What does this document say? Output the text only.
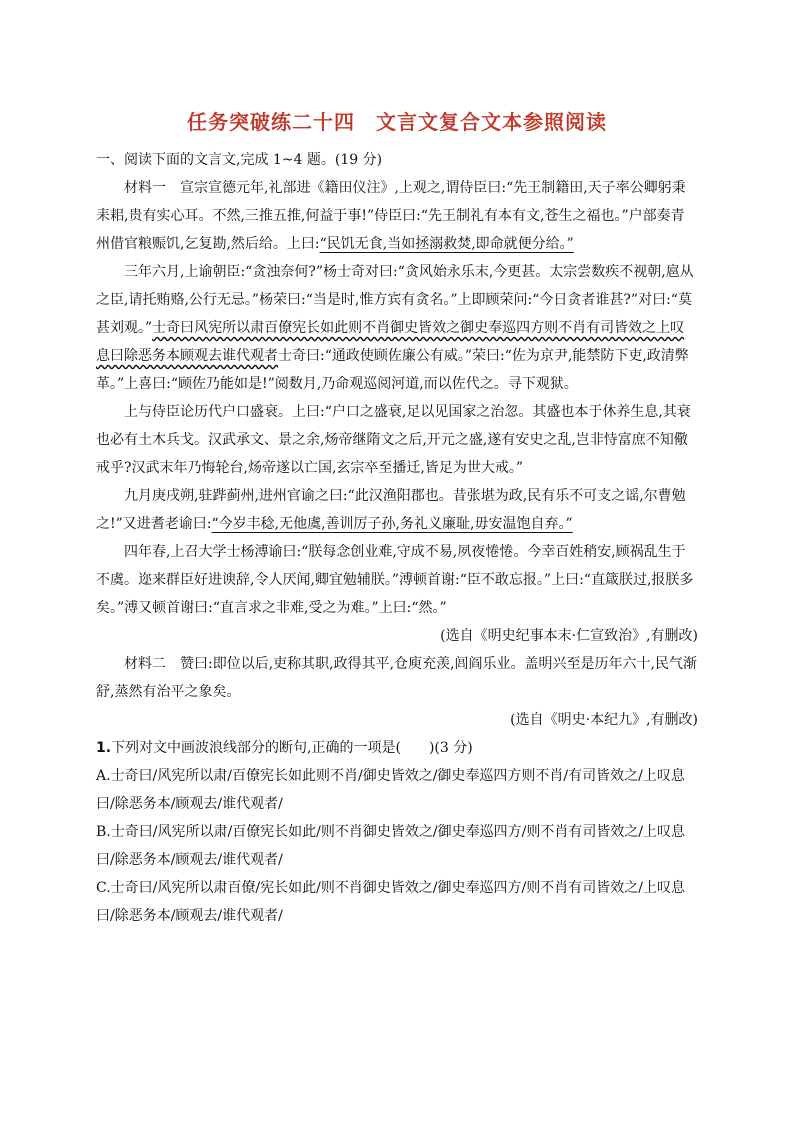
任务突破练二十四　文言文复合文本参照阅读

一、阅读下面的文言文,完成 1~4 题。(19 分)

材料一　 宣宗宣德元年,礼部进《籍田仪注》,上观之,谓侍臣曰:“先王制籍田,天子率公卿躬秉耒耜,贵有实心耳。不然,三推五推,何益于事!”侍臣曰:“先王制礼有本有文,苍生之福也。”户部奏青州借官粮赈饥,乞复勘,然后给。上曰:“民饥无食,当如拯溺救焚,即命就便分给。”

三年六月,上谕朝臣:“贪浊奈何?”杨士奇对曰:“贪风始永乐末,今更甚。太宗尝数疾不视朝,扈从之臣,请托贿赂,公行无忌。”杨荣曰:“当是时,惟方宾有贪名。”上即顾荣问:“今日贪者谁甚?”对曰:“莫甚刘观。”士奇曰风宪所以肃百僚宪长如此则不肖御史皆效之御史奉巡四方则不肖有司皆效之上叹息曰除恶务本顾观去谁代观者士奇曰:“通政使顾佐廉公有威。”荣曰:“佐为京尹,能禁防下吏,政清弊革。”上喜曰:“顾佐乃能如是!”阅数月,乃命观巡阅河道,而以佐代之。寻下观狱。

上与侍臣论历代户口盛衰。上曰:“户口之盛衰,足以见国家之治忽。其盛也本于休养生息,其衰也必有土木兵戈。汉武承文、景之余,炀帝继隋文之后,开元之盛,遂有安史之乱,岂非恃富庶不知儆戒乎?汉武末年乃悔轮台,炀帝遂以亡国,玄宗卒至播迁,皆足为世大戒。”

九月庚戌朔,驻跸蓟州,进州官谕之曰:“此汉渔阳郡也。昔张堪为政,民有乐不可支之谣,尔曹勉之!”又进耆老谕曰:“今岁丰稔,无他虞,善训厉子孙,务礼义廉耻,毋安温饱自弃。”

四年春,上召大学士杨溥谕曰:“朕每念创业难,守成不易,夙夜惓惓。今幸百姓稍安,顾祸乱生于不虞。迩来群臣好进谀辞,令人厌闻,卿宜勉辅朕。”溥顿首谢:“臣不敢忘报。”上曰:“直箴朕过,报朕多矣。”溥又顿首谢曰:“直言求之非难,受之为难。”上曰:“然。”

(选自《明史纪事本末·仁宣致治》,有删改)

材料二　 赞曰:即位以后,吏称其职,政得其平,仓庾充羡,闾阎乐业。盖明兴至是历年六十,民气渐舒,蒸然有治平之象矣。

(选自《明史·本纪九》,有删改)

1.下列对文中画波浪线部分的断句,正确的一项是(　　)(3 分)

A.士奇曰/风宪所以肃/百僚宪长如此则不肖/御史皆效之/御史奉巡四方则不肖/有司皆效之/上叹息曰/除恶务本/顾观去/谁代观者/

B.士奇曰/风宪所以肃/百僚宪长如此/则不肖御史皆效之/御史奉巡四方/则不肖有司皆效之/上叹息曰/除恶务本/顾观去/谁代观者/

C.士奇曰/风宪所以肃百僚/宪长如此/则不肖御史皆效之/御史奉巡四方/则不肖有司皆效之/上叹息曰/除恶务本/顾观去/谁代观者/
